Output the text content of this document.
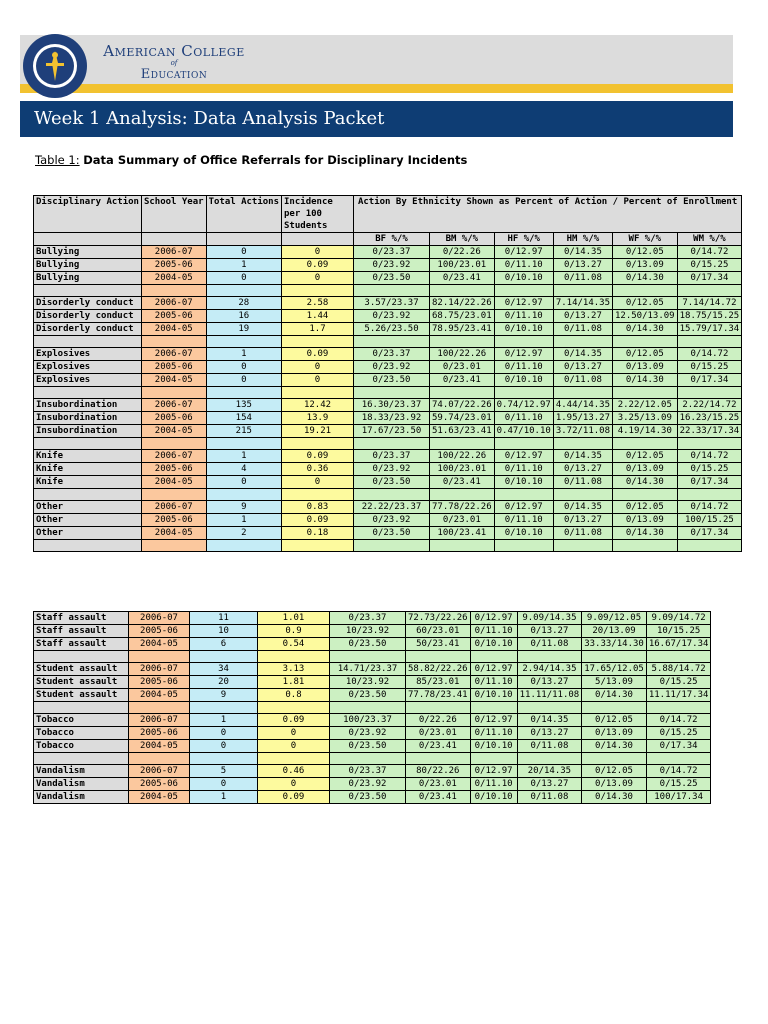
American College
of
Education
Week 1 Analysis: Data Analysis Packet
Table 1: Data Summary of Office Referrals for Disciplinary Incidents
Disciplinary Action	School Year	Total Actions	Incidence per 100 Students	Action By Ethnicity Shown as Percent of Action / Percent of Enrollment					
				BF %/%	BM %/%	HF %/%	HM %/%	WF %/%	WM %/%
Bullying	2006-07	0	0	0/23.37	0/22.26	0/12.97	0/14.35	0/12.05	0/14.72
Bullying	2005-06	1	0.09	0/23.92	100/23.01	0/11.10	0/13.27	0/13.09	0/15.25
Bullying	2004-05	0	0	0/23.50	0/23.41	0/10.10	0/11.08	0/14.30	0/17.34

Disorderly conduct	2006-07	28	2.58	3.57/23.37	82.14/22.26	0/12.97	7.14/14.35	0/12.05	7.14/14.72
Disorderly conduct	2005-06	16	1.44	0/23.92	68.75/23.01	0/11.10	0/13.27	12.50/13.09	18.75/15.25
Disorderly conduct	2004-05	19	1.7	5.26/23.50	78.95/23.41	0/10.10	0/11.08	0/14.30	15.79/17.34

Explosives	2006-07	1	0.09	0/23.37	100/22.26	0/12.97	0/14.35	0/12.05	0/14.72
Explosives	2005-06	0	0	0/23.92	0/23.01	0/11.10	0/13.27	0/13.09	0/15.25
Explosives	2004-05	0	0	0/23.50	0/23.41	0/10.10	0/11.08	0/14.30	0/17.34

Insubordination	2006-07	135	12.42	16.30/23.37	74.07/22.26	0.74/12.97	4.44/14.35	2.22/12.05	2.22/14.72
Insubordination	2005-06	154	13.9	18.33/23.92	59.74/23.01	0/11.10	1.95/13.27	3.25/13.09	16.23/15.25
Insubordination	2004-05	215	19.21	17.67/23.50	51.63/23.41	0.47/10.10	3.72/11.08	4.19/14.30	22.33/17.34

Knife	2006-07	1	0.09	0/23.37	100/22.26	0/12.97	0/14.35	0/12.05	0/14.72
Knife	2005-06	4	0.36	0/23.92	100/23.01	0/11.10	0/13.27	0/13.09	0/15.25
Knife	2004-05	0	0	0/23.50	0/23.41	0/10.10	0/11.08	0/14.30	0/17.34

Other	2006-07	9	0.83	22.22/23.37	77.78/22.26	0/12.97	0/14.35	0/12.05	0/14.72
Other	2005-06	1	0.09	0/23.92	0/23.01	0/11.10	0/13.27	0/13.09	100/15.25
Other	2004-05	2	0.18	0/23.50	100/23.41	0/10.10	0/11.08	0/14.30	0/17.34

Staff assault	2006-07	11	1.01	0/23.37	72.73/22.26	0/12.97	9.09/14.35	9.09/12.05	9.09/14.72
Staff assault	2005-06	10	0.9	10/23.92	60/23.01	0/11.10	0/13.27	20/13.09	10/15.25
Staff assault	2004-05	6	0.54	0/23.50	50/23.41	0/10.10	0/11.08	33.33/14.30	16.67/17.34

Student assault	2006-07	34	3.13	14.71/23.37	58.82/22.26	0/12.97	2.94/14.35	17.65/12.05	5.88/14.72
Student assault	2005-06	20	1.81	10/23.92	85/23.01	0/11.10	0/13.27	5/13.09	0/15.25
Student assault	2004-05	9	0.8	0/23.50	77.78/23.41	0/10.10	11.11/11.08	0/14.30	11.11/17.34

Tobacco	2006-07	1	0.09	100/23.37	0/22.26	0/12.97	0/14.35	0/12.05	0/14.72
Tobacco	2005-06	0	0	0/23.92	0/23.01	0/11.10	0/13.27	0/13.09	0/15.25
Tobacco	2004-05	0	0	0/23.50	0/23.41	0/10.10	0/11.08	0/14.30	0/17.34

Vandalism	2006-07	5	0.46	0/23.37	80/22.26	0/12.97	20/14.35	0/12.05	0/14.72
Vandalism	2005-06	0	0	0/23.92	0/23.01	0/11.10	0/13.27	0/13.09	0/15.25
Vandalism	2004-05	1	0.09	0/23.50	0/23.41	0/10.10	0/11.08	0/14.30	100/17.34
